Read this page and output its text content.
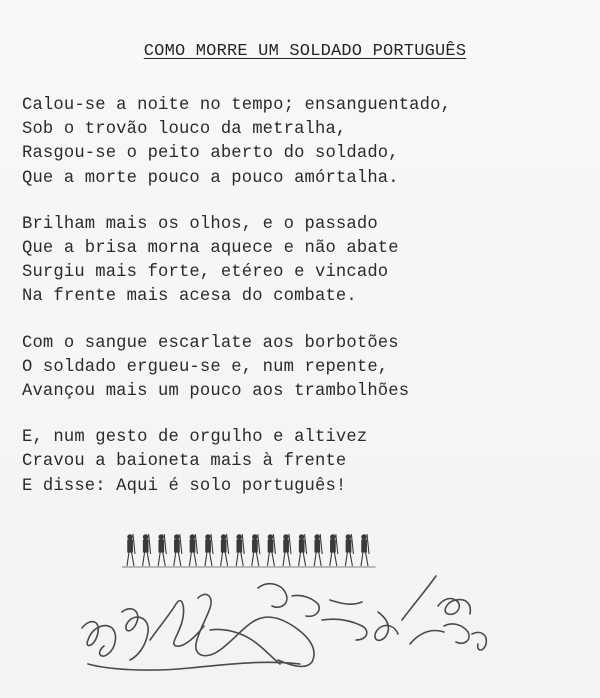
COMO MORRE UM SOLDADO PORTUGUÊS
Calou-se a noite no tempo; ensanguentado,
Sob o trovão louco da metralha,
Rasgou-se o peito aberto do soldado,
Que a morte pouco a pouco amórtalha.
Brilham mais os olhos, e o passado
Que a brisa morna aquece e não abate
Surgiu mais forte, etéreo e vincado
Na frente mais acesa do combate.
Com o sangue escarlate aos borbotões
O soldado ergueu-se e, num repente,
Avançou mais um pouco aos trambolhões
E, num gesto de orgulho e altivez
Cravou a baioneta mais à frente
E disse: Aqui é solo português!
